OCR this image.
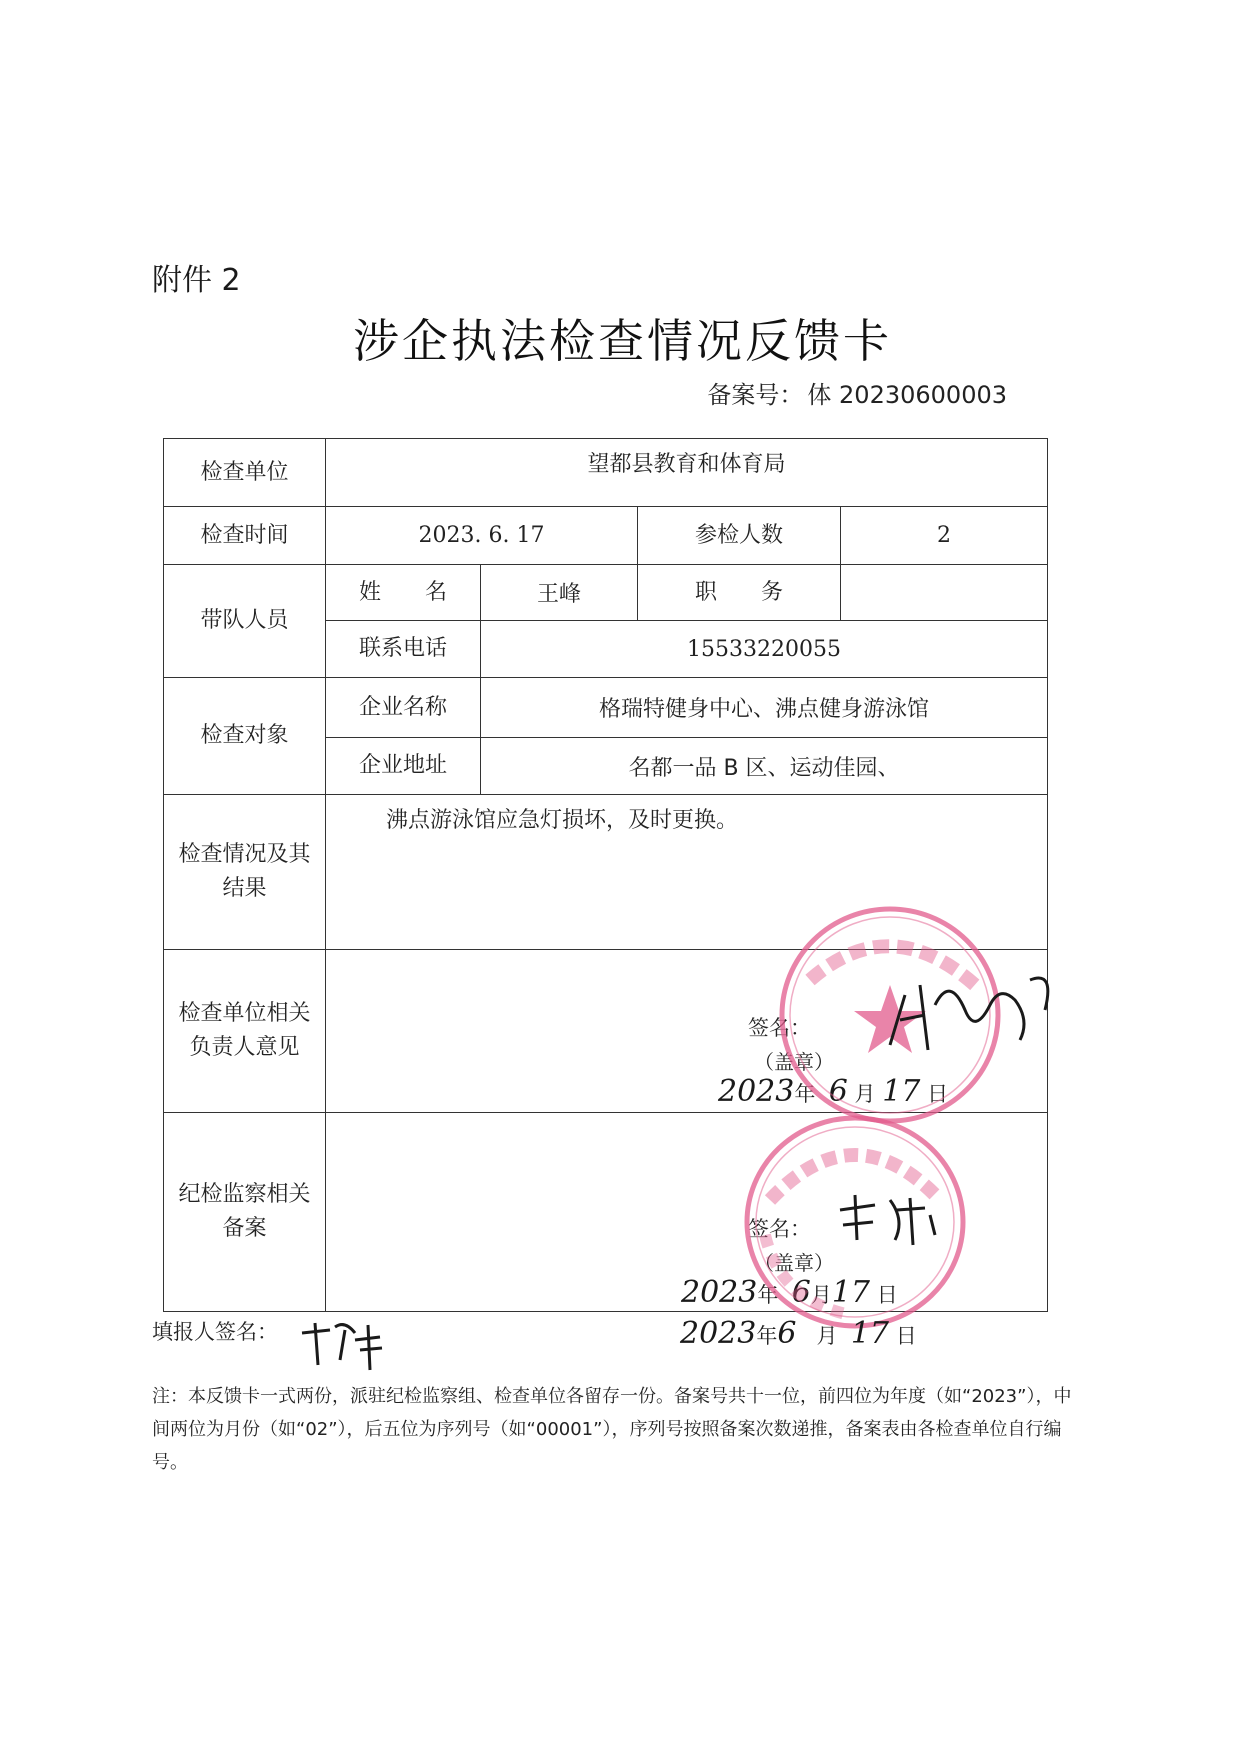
附件 2
涉企执法检查情况反馈卡
备案号： 体 20230600003
检查单位	望都县教育和体育局			
检查时间	2023. 6. 17		参检人数	2
带队人员	姓　　名	王峰	职　　务	
	联系电话	15533220055		
检查对象	企业名称	格瑞特健身中心、沸点健身游泳馆		
	企业地址	名都一品 B 区、运动佳园、		
检查情况及其
结果	沸点游泳馆应急灯损坏，及时更换。			
检查单位相关
负责人意见	签名：
（盖章）
2023年 6 月 17 日			

纪检监察相关
备案	签名：
（盖章）
2023年 6月17 日			
填报人签名：	2023年6 月 17 日
注：本反馈卡一式两份，派驻纪检监察组、检查单位各留存一份。备案号共十一位，前四位为年度（如“2023”），中间两位为月份（如“02”），后五位为序列号（如“00001”），序列号按照备案次数递推，备案表由各检查单位自行编号。
